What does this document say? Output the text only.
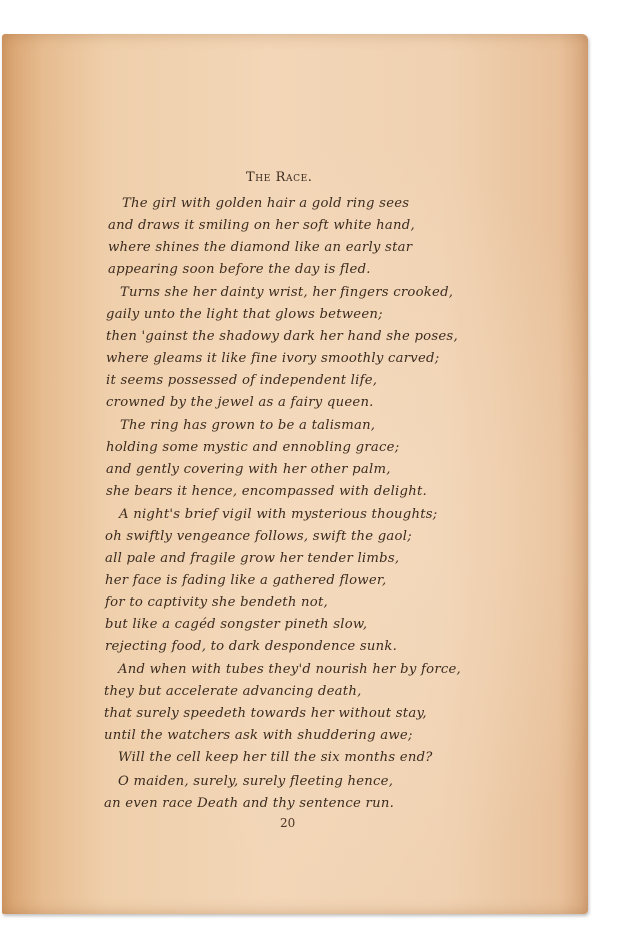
The Race.
The girl with golden hair a gold ring sees
and draws it smiling on her soft white hand,
where shines the diamond like an early star
appearing soon before the day is fled.
Turns she her dainty wrist, her fingers crooked,
gaily unto the light that glows between;
then 'gainst the shadowy dark her hand she poses,
where gleams it like fine ivory smoothly carved;
it seems possessed of independent life,
crowned by the jewel as a fairy queen.
The ring has grown to be a talisman,
holding some mystic and ennobling grace;
and gently covering with her other palm,
she bears it hence, encompassed with delight.
A night's brief vigil with mysterious thoughts;
oh swiftly vengeance follows, swift the gaol;
all pale and fragile grow her tender limbs,
her face is fading like a gathered flower,
for to captivity she bendeth not,
but like a cagéd songster pineth slow,
rejecting food, to dark despondence sunk.
And when with tubes they'd nourish her by force,
they but accelerate advancing death,
that surely speedeth towards her without stay,
until the watchers ask with shuddering awe;
Will the cell keep her till the six months end?
O maiden, surely, surely fleeting hence,
an even race Death and thy sentence run.
20
